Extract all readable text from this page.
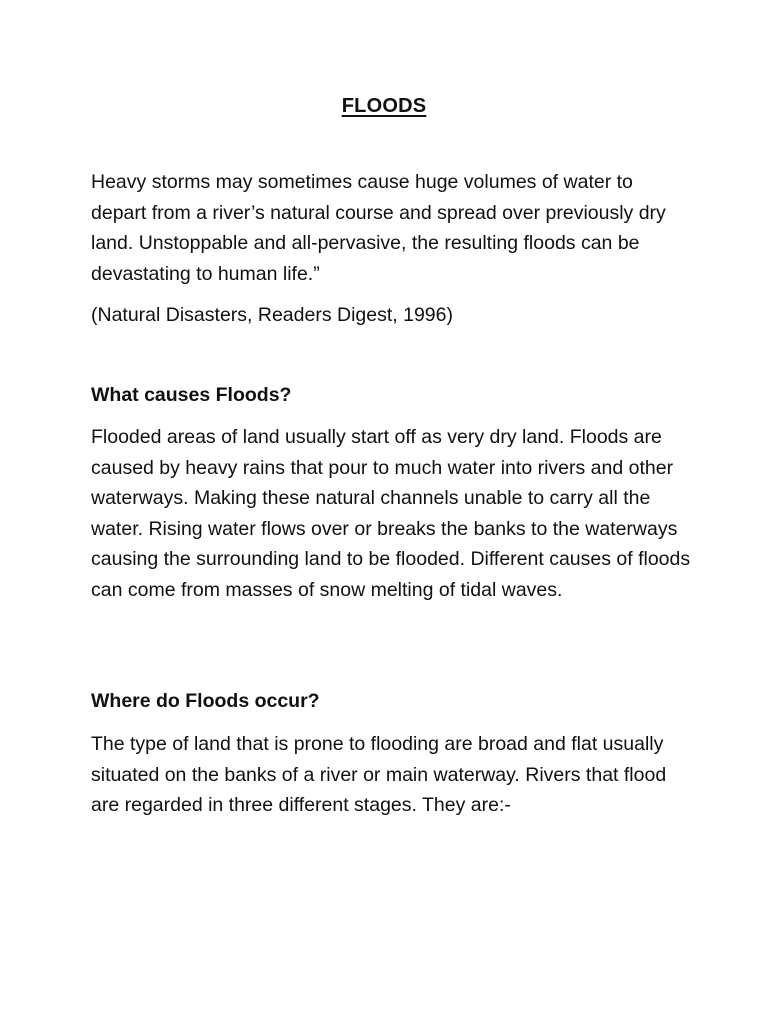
FLOODS

Heavy storms may sometimes cause huge volumes of water to depart from a river’s natural course and spread over previously dry land. Unstoppable and all-pervasive, the resulting floods can be devastating to human life.”

(Natural Disasters, Readers Digest, 1996)

What causes Floods?

Flooded areas of land usually start off as very dry land. Floods are caused by heavy rains that pour to much water into rivers and other waterways. Making these natural channels unable to carry all the water. Rising water flows over or breaks the banks to the waterways causing the surrounding land to be flooded. Different causes of floods can come from masses of snow melting of tidal waves.

Where do Floods occur?

The type of land that is prone to flooding are broad and flat usually situated on the banks of a river or main waterway. Rivers that flood are regarded in three different stages. They are:-
